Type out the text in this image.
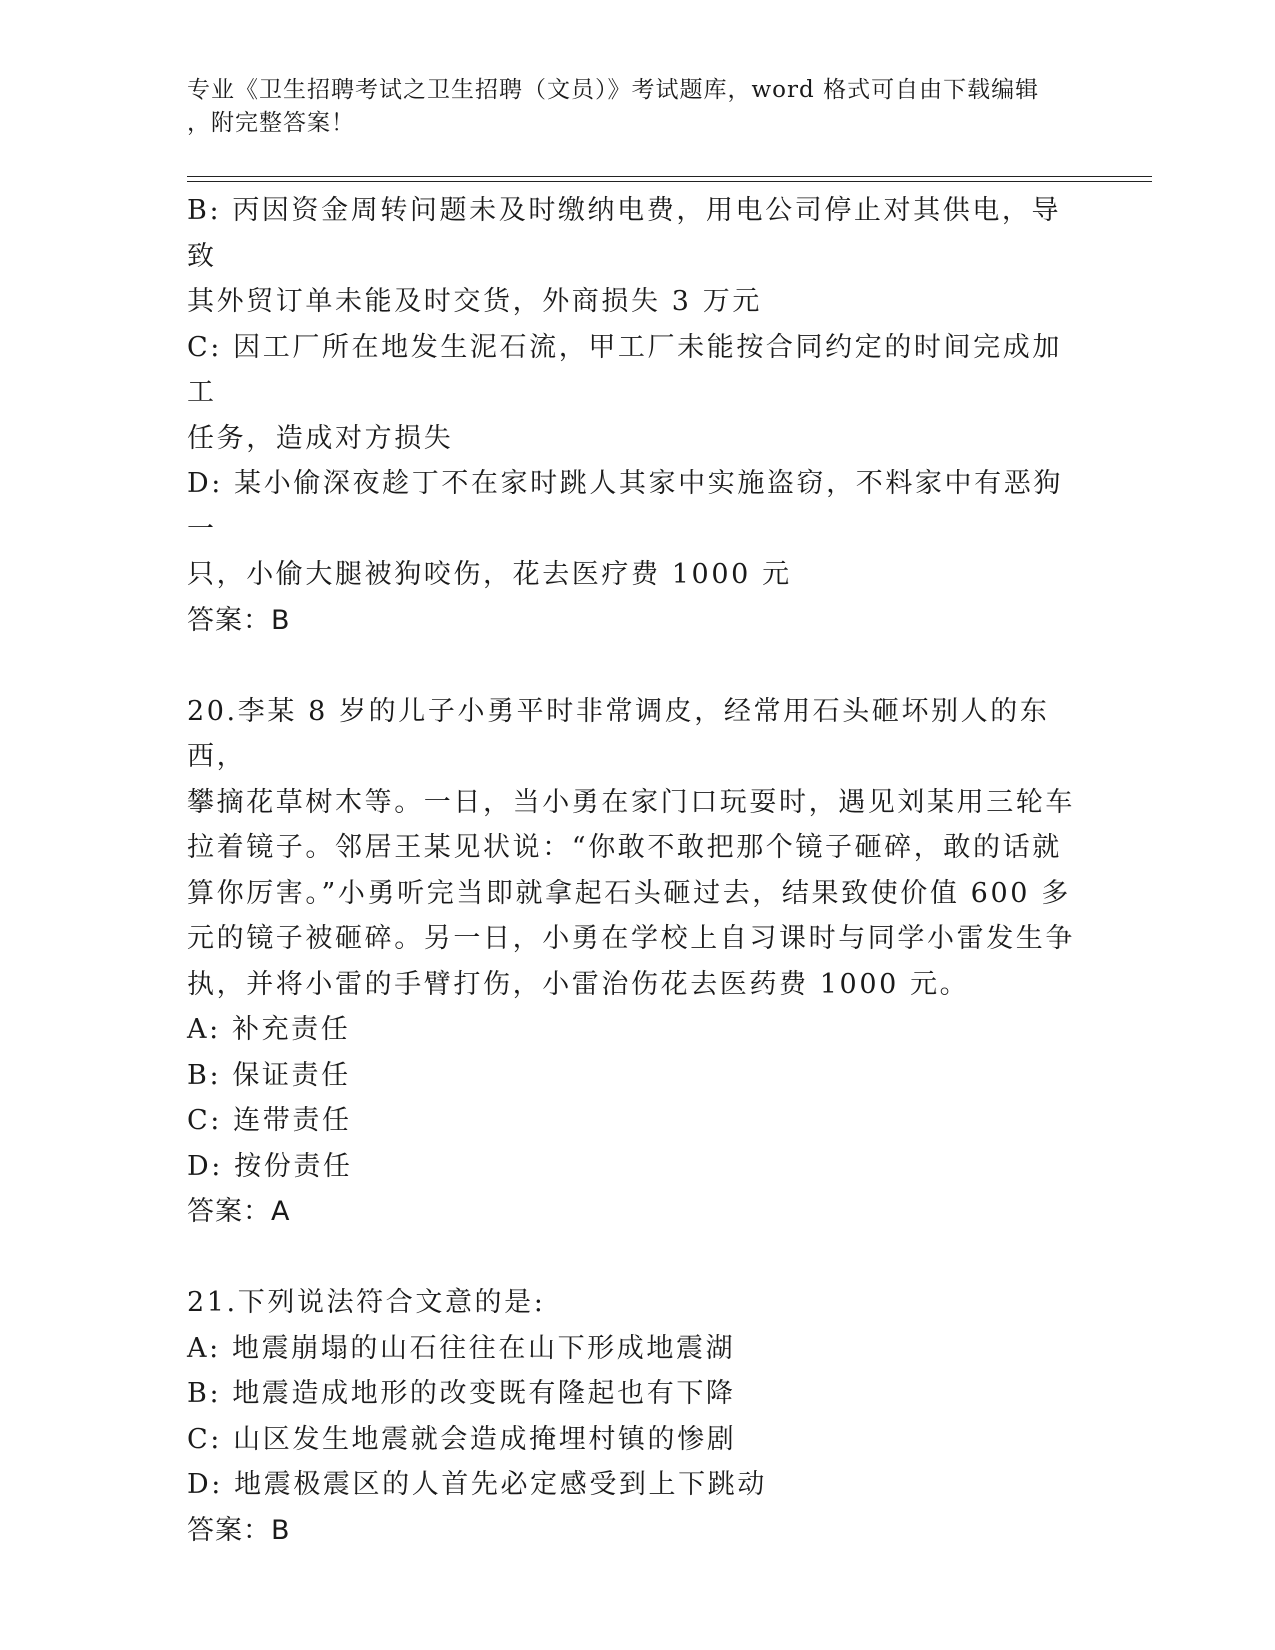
专业《卫生招聘考试之卫生招聘（文员）》考试题库，word 格式可自由下载编辑
，附完整答案！

B: 丙因资金周转问题未及时缴纳电费，用电公司停止对其供电，导致

其外贸订单未能及时交货，外商损失 3 万元

C: 因工厂所在地发生泥石流，甲工厂未能按合同约定的时间完成加工

任务，造成对方损失

D: 某小偷深夜趁丁不在家时跳人其家中实施盗窃，不料家中有恶狗一

只，小偷大腿被狗咬伤，花去医疗费 1000 元

答案：B

20.李某 8 岁的儿子小勇平时非常调皮，经常用石头砸坏别人的东西，

攀摘花草树木等。一日，当小勇在家门口玩耍时，遇见刘某用三轮车

拉着镜子。邻居王某见状说：“你敢不敢把那个镜子砸碎，敢的话就

算你厉害。”小勇听完当即就拿起石头砸过去，结果致使价值 600 多

元的镜子被砸碎。另一日，小勇在学校上自习课时与同学小雷发生争

执，并将小雷的手臂打伤，小雷治伤花去医药费 1000 元。

A: 补充责任

B: 保证责任

C: 连带责任

D: 按份责任

答案：A

21.下列说法符合文意的是:

A: 地震崩塌的山石往往在山下形成地震湖

B: 地震造成地形的改变既有隆起也有下降

C: 山区发生地震就会造成掩埋村镇的惨剧

D: 地震极震区的人首先必定感受到上下跳动

答案：B
